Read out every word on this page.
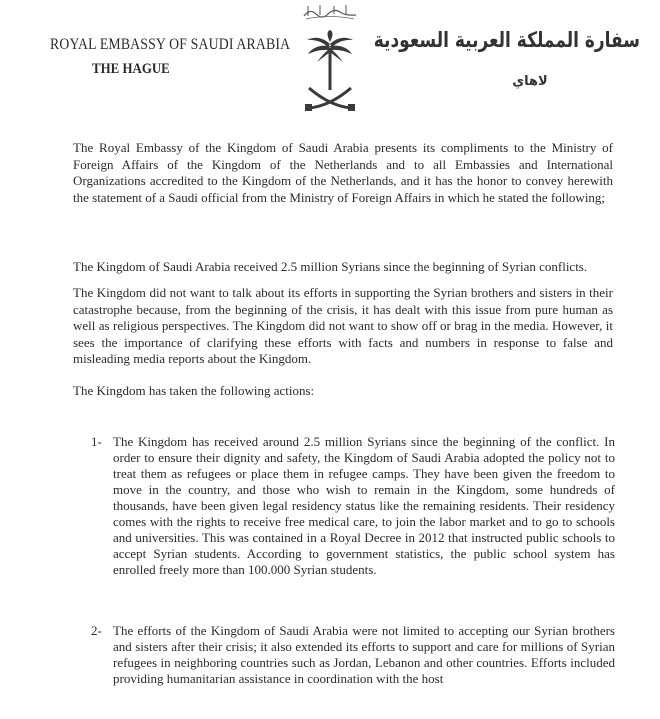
ROYAL EMBASSY OF SAUDI ARABIA
THE HAGUE
سفارة المملكة العربية السعودية
لاهاي
The Royal Embassy of the Kingdom of Saudi Arabia presents its compliments to the Ministry of Foreign Affairs of the Kingdom of the Netherlands and to all Embassies and International Organizations accredited to the Kingdom of the Netherlands, and it has the honor to convey herewith the statement of a Saudi official from the Ministry of Foreign Affairs in which he stated the following;
The Kingdom of Saudi Arabia received 2.5 million Syrians since the beginning of Syrian conflicts.
The Kingdom did not want to talk about its efforts in supporting the Syrian brothers and sisters in their catastrophe because, from the beginning of the crisis, it has dealt with this issue from pure human as well as religious perspectives. The Kingdom did not want to show off or brag in the media. However, it sees the importance of clarifying these efforts with facts and numbers in response to false and misleading media reports about the Kingdom.
The Kingdom has taken the following actions:
1- The Kingdom has received around 2.5 million Syrians since the beginning of the conflict. In order to ensure their dignity and safety, the Kingdom of Saudi Arabia adopted the policy not to treat them as refugees or place them in refugee camps. They have been given the freedom to move in the country, and those who wish to remain in the Kingdom, some hundreds of thousands, have been given legal residency status like the remaining residents. Their residency comes with the rights to receive free medical care, to join the labor market and to go to schools and universities. This was contained in a Royal Decree in 2012 that instructed public schools to accept Syrian students. According to government statistics, the public school system has enrolled freely more than 100.000 Syrian students.
2- The efforts of the Kingdom of Saudi Arabia were not limited to accepting our Syrian brothers and sisters after their crisis; it also extended its efforts to support and care for millions of Syrian refugees in neighboring countries such as Jordan, Lebanon and other countries. Efforts included providing humanitarian assistance in coordination with the host
